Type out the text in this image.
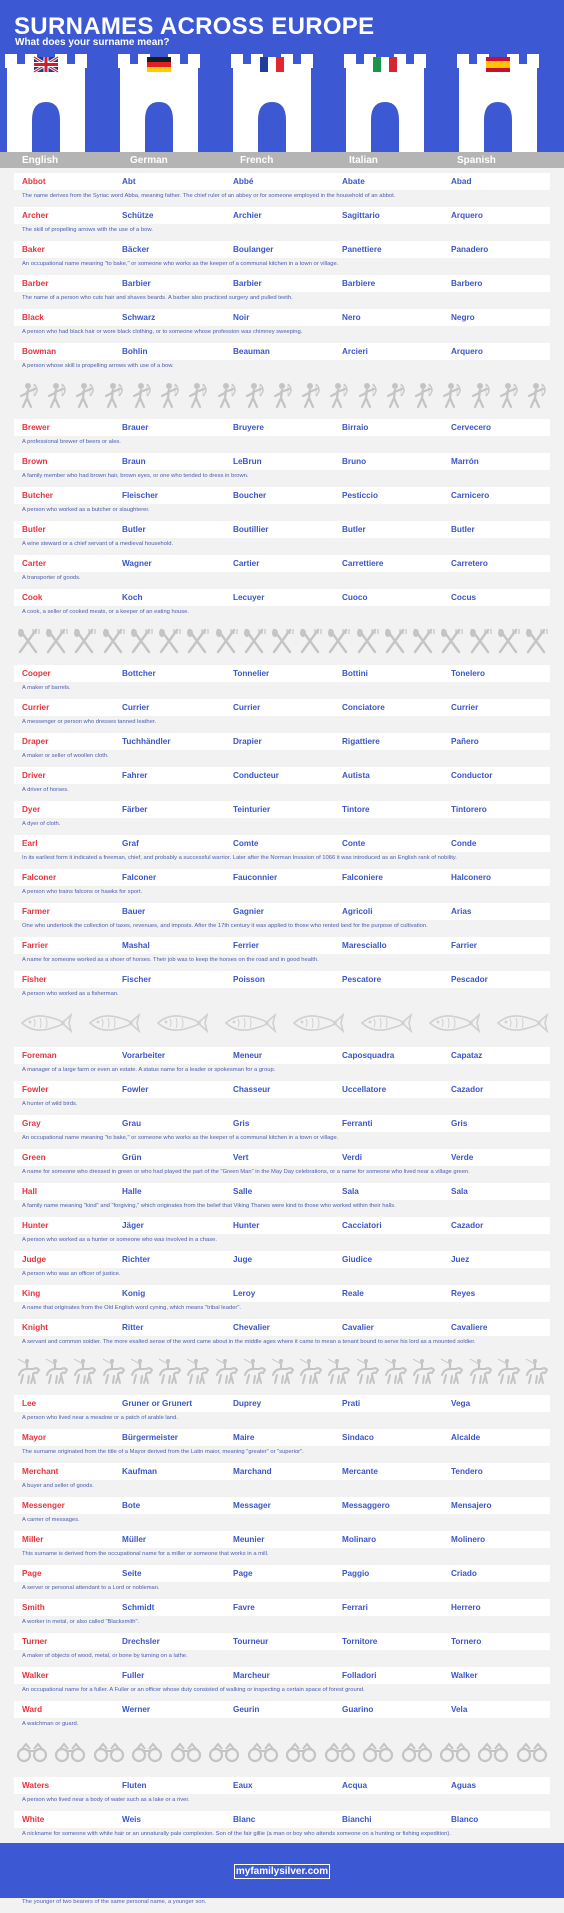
SURNAMES ACROSS EUROPE
What does your surname mean?
English	German	French	Italian	Spanish
Abbot	Abt	Abbé	Abate	Abad
The name derives from the Syriac word Abba, meaning father. The chief ruler of an abbey or for someone employed in the household of an abbot.
Archer	Schütze	Archier	Sagittario	Arquero
The skill of propelling arrows with the use of a bow.
Baker	Bäcker	Boulanger	Panettiere	Panadero
An occupational name meaning "to bake," or someone who works as the keeper of a communal kitchen in a town or village.
Barber	Barbier	Barbier	Barbiere	Barbero
The name of a person who cuts hair and shaves beards. A barber also practiced surgery and pulled teeth.
Black	Schwarz	Noir	Nero	Negro
A person who had black hair or wore black clothing, or to someone whose profession was chimney sweeping.
Bowman	Bohlin	Beauman	Arcieri	Arquero
A person whose skill is propelling arrows with use of a bow.
Brewer	Brauer	Bruyere	Birraio	Cervecero
A professional brewer of beers or ales.
Brown	Braun	LeBrun	Bruno	Marrón
A family member who had brown hair, brown eyes, or one who tended to dress in brown.
Butcher	Fleischer	Boucher	Pesticcio	Carnicero
A person who worked as a butcher or slaughterer.
Butler	Butler	Boutillier	Butler	Butler
A wine steward or a chief servant of a medieval household.
Carter	Wagner	Cartier	Carrettiere	Carretero
A transporter of goods.
Cook	Koch	Lecuyer	Cuoco	Cocus
A cook, a seller of cooked meats, or a keeper of an eating house.
Cooper	Bottcher	Tonnelier	Bottini	Tonelero
A maker of barrels.
Currier	Currier	Currier	Conciatore	Currier
A messenger or person who dresses tanned leather.
Draper	Tuchhändler	Drapier	Rigattiere	Pañero
A maker or seller of woollen cloth.
Driver	Fahrer	Conducteur	Autista	Conductor
A driver of horses.
Dyer	Färber	Teinturier	Tintore	Tintorero
A dyer of cloth.
Earl	Graf	Comte	Conte	Conde
In its earliest form it indicated a freeman, chief, and probably a successful warrior. Later after the Norman Invasion of 1066 it was introduced as an English rank of nobility.
Falconer	Falconer	Fauconnier	Falconiere	Halconero
A person who trains falcons or hawks for sport.
Farmer	Bauer	Gagnier	Agricoli	Arias
One who undertook the collection of taxes, revenues, and imposts. After the 17th century it was applied to those who rented land for the purpose of cultivation.
Farrier	Mashal	Ferrier	Maresciallo	Farrier
A name for someone worked as a shoer of horses. Their job was to keep the horses on the road and in good health.
Fisher	Fischer	Poisson	Pescatore	Pescador
A person who worked as a fisherman.
Foreman	Vorarbeiter	Meneur	Caposquadra	Capataz
A manager of a large farm or even an estate. A status name for a leader or spokesman for a group.
Fowler	Fowler	Chasseur	Uccellatore	Cazador
A hunter of wild birds.
Gray	Grau	Gris	Ferranti	Gris
An occupational name meaning "to bake," or someone who works as the keeper of a communal kitchen in a town or village.
Green	Grün	Vert	Verdi	Verde
A name for someone who dressed in green or who had played the part of the "Green Man" in the May Day celebrations, or a name for someone who lived near a village green.
Hall	Halle	Salle	Sala	Sala
A family name meaning "kind" and "forgiving," which originates from the belief that Viking Thanes were kind to those who worked within their halls.
Hunter	Jäger	Hunter	Cacciatori	Cazador
A person who worked as a hunter or someone who was involved in a chase.
Judge	Richter	Juge	Giudice	Juez
A person who was an officer of justice.
King	Konig	Leroy	Reale	Reyes
A name that originates from the Old English word cyning, which means "tribal leader".
Knight	Ritter	Chevalier	Cavalier	Cavaliere
A servant and common soldier. The more exalted sense of the word came about in the middle ages where it came to mean a tenant bound to serve his lord as a mounted soldier.
Lee	Gruner or Grunert	Duprey	Prati	Vega
A person who lived near a meadow or a patch of arable land.
Mayor	Bürgermeister	Maire	Sindaco	Alcalde
The surname originated from the title of a Mayor derived from the Latin maior, meaning "greater" or "superior".
Merchant	Kaufman	Marchand	Mercante	Tendero
A buyer and seller of goods.
Messenger	Bote	Messager	Messaggero	Mensajero
A carrier of messages.
Miller	Müller	Meunier	Molinaro	Molinero
This surname is derived from the occupational name for a miller or someone that works in a mill.
Page	Seite	Page	Paggio	Criado
A server or personal attendant to a Lord or nobleman.
Smith	Schmidt	Favre	Ferrari	Herrero
A worker in metal, or also called "Blacksmith".
Turner	Drechsler	Tourneur	Tornitore	Tornero
A maker of objects of wood, metal, or bone by turning on a lathe.
Walker	Fuller	Marcheur	Folladori	Walker
An occupational name for a fuller. A Fuller or an officer whose duty consisted of walking or inspecting a certain space of forest ground.
Ward	Werner	Geurin	Guarino	Vela
A watchman or guard.
Waters	Fluten	Eaux	Acqua	Aguas
A person who lived near a body of water such as a lake or a river.
White	Weis	Blanc	Bianchi	Blanco
A nickname for someone with white hair or an unnaturally pale complexion. Son of the fair gillie (a man or boy who attends someone on a hunting or fishing expedition).
The younger of two bearers of the same personal name, a younger son.
myfamilysilver.com
